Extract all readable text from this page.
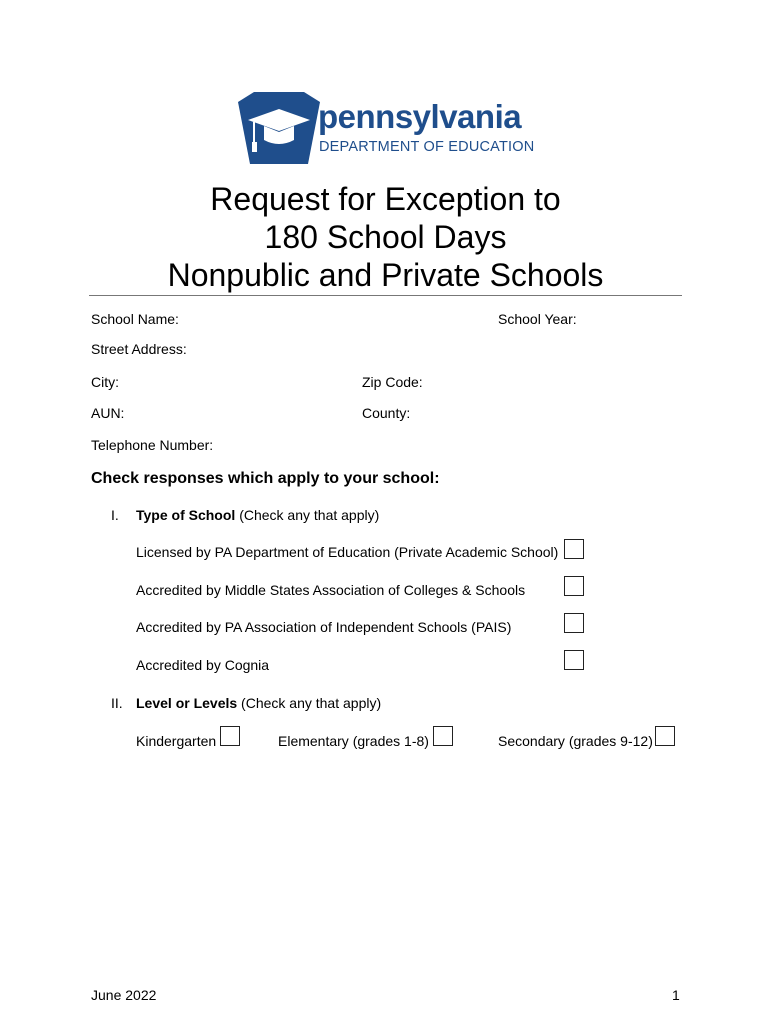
pennsylvania
DEPARTMENT OF EDUCATION
Request for Exception to
180 School Days
Nonpublic and Private Schools
School Name:	School Year:
Street Address:
City:	Zip Code:
AUN:	County:
Telephone Number:
Check responses which apply to your school:
I. Type of School (Check any that apply)
Licensed by PA Department of Education (Private Academic School)
Accredited by Middle States Association of Colleges & Schools
Accredited by PA Association of Independent Schools (PAIS)
Accredited by Cognia
II. Level or Levels (Check any that apply)
Kindergarten	Elementary (grades 1-8)	Secondary (grades 9-12)
June 2022	1
